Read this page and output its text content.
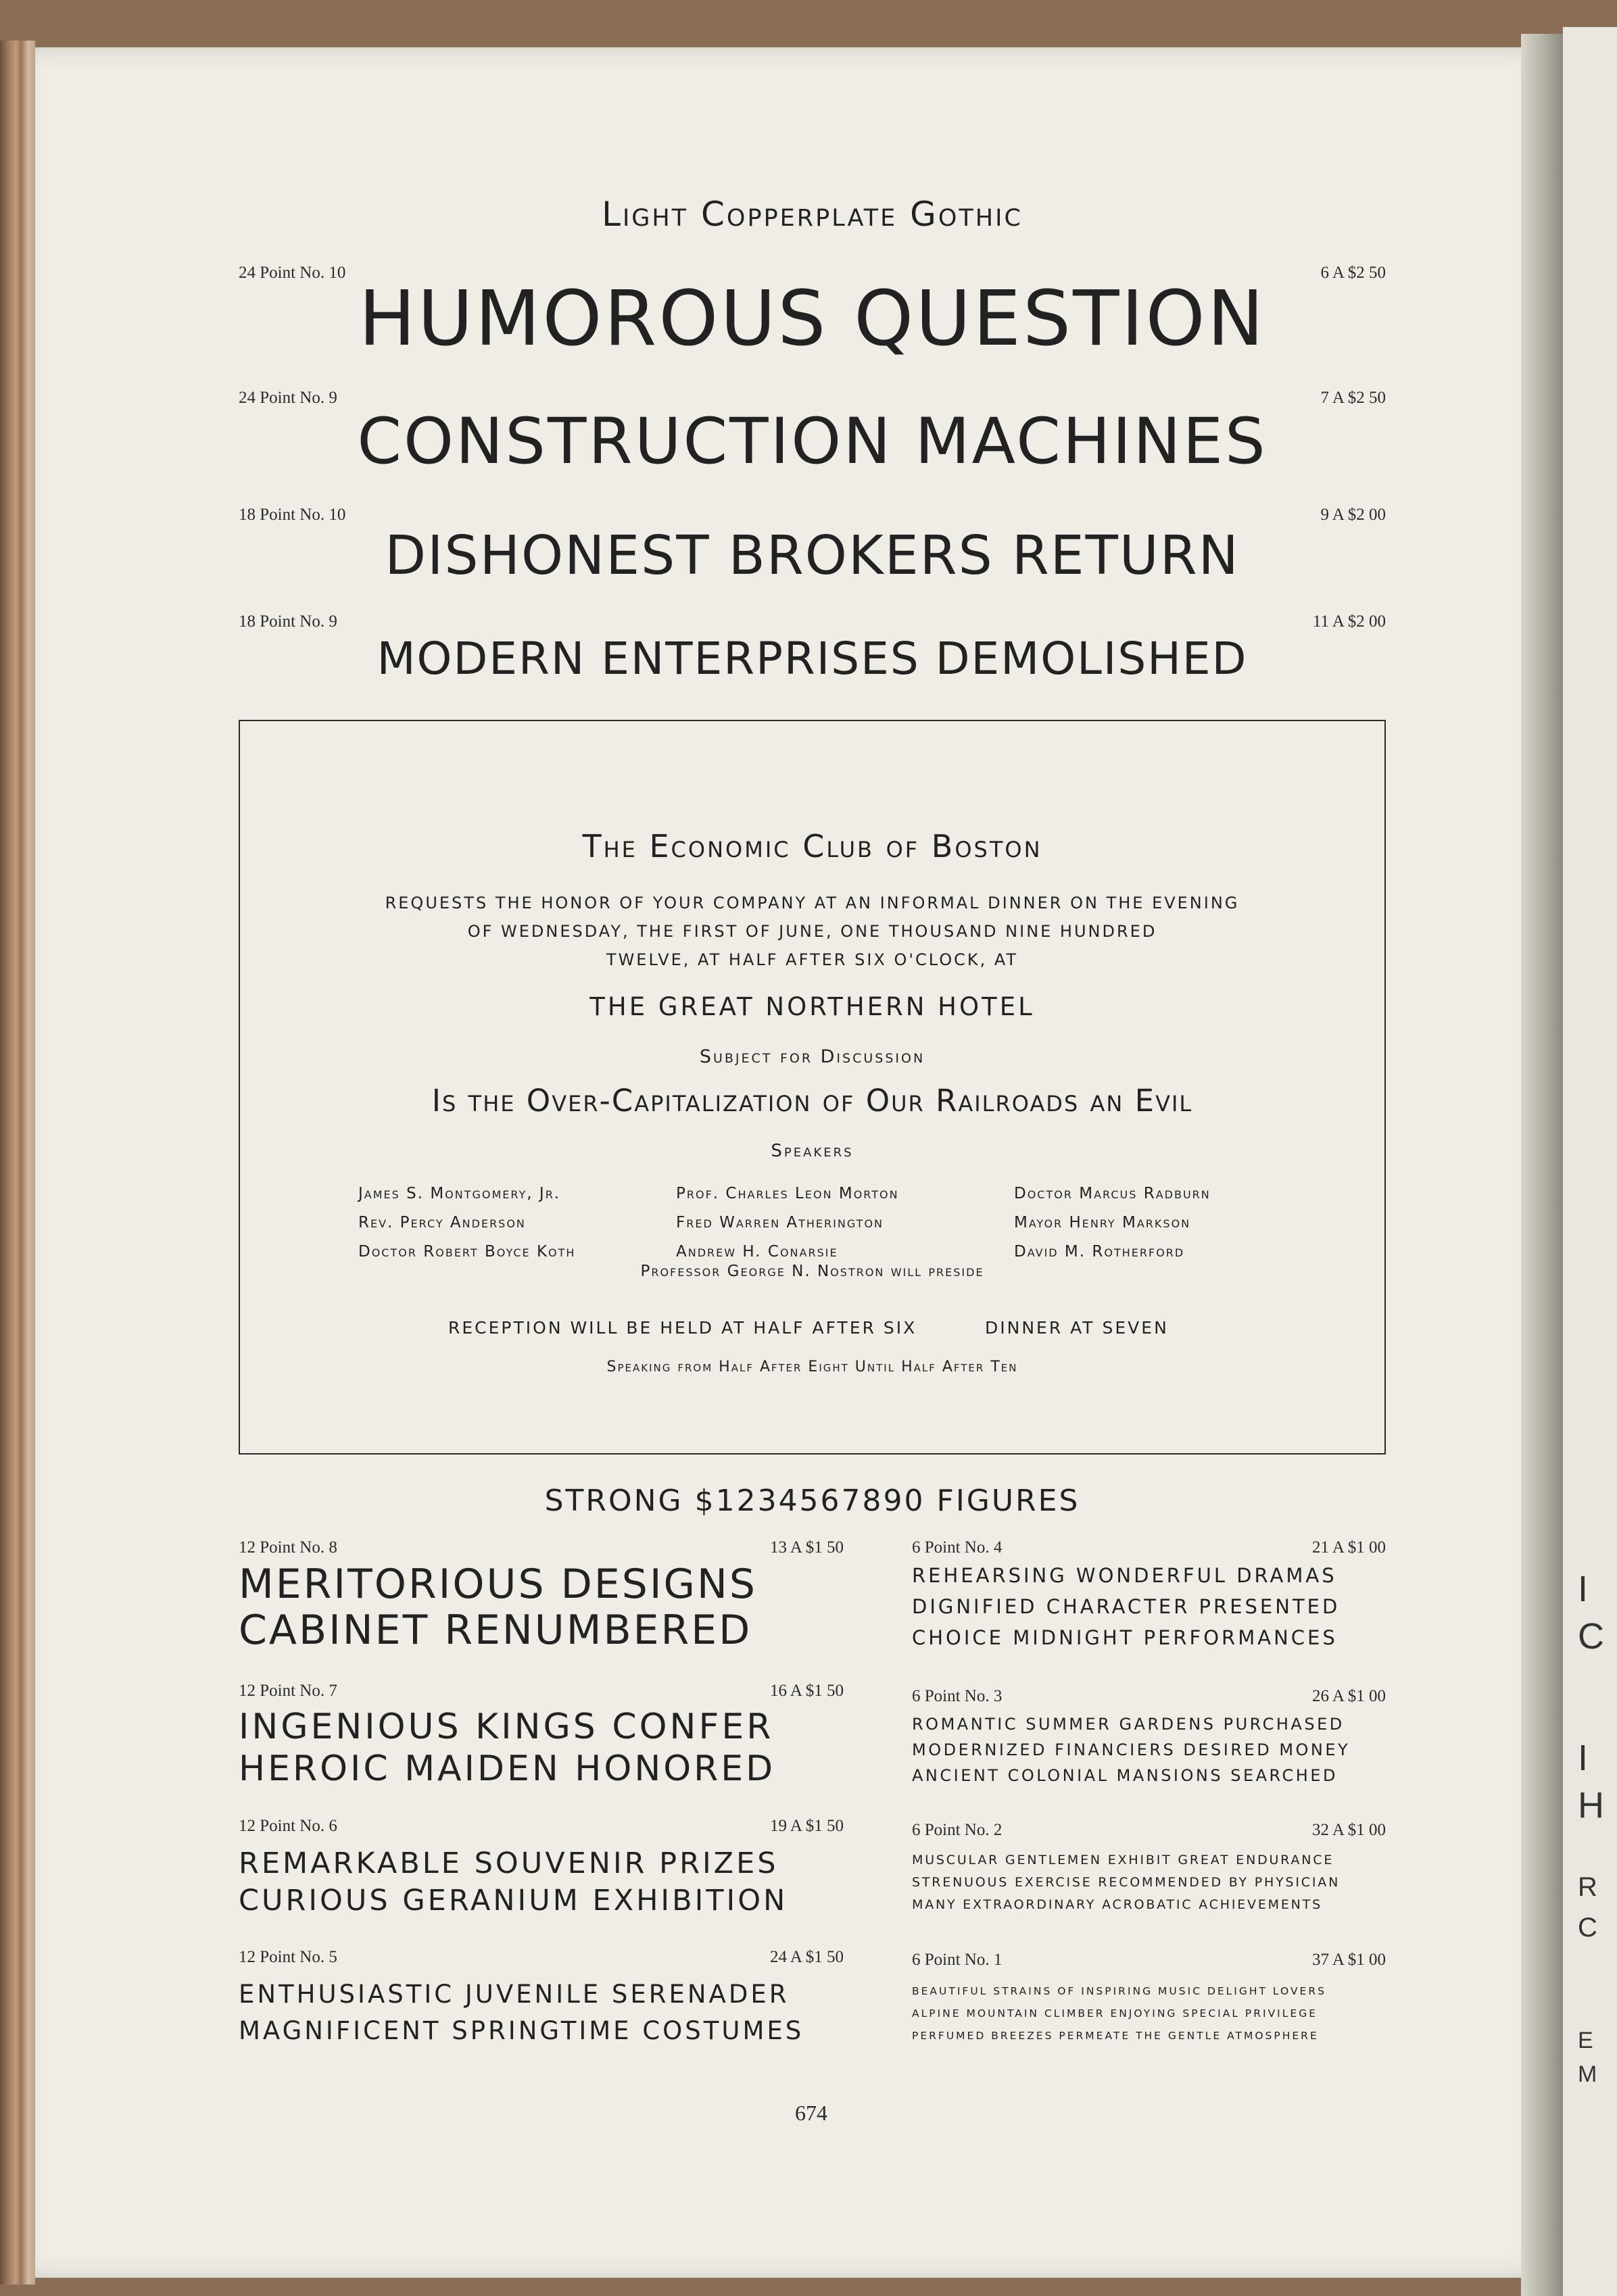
I
C
I
H
R
C
E
M
Light Copperplate Gothic
24 Point No. 10	6 A $2 50
HUMOROUS QUESTION
24 Point No. 9	7 A $2 50
CONSTRUCTION MACHINES
18 Point No. 10	9 A $2 00
DISHONEST BROKERS RETURN
18 Point No. 9	11 A $2 00
MODERN ENTERPRISES DEMOLISHED
The Economic Club of Boston
REQUESTS THE HONOR OF YOUR COMPANY AT AN INFORMAL DINNER ON THE EVENING
OF WEDNESDAY, THE FIRST OF JUNE, ONE THOUSAND NINE HUNDRED
TWELVE, AT HALF AFTER SIX O'CLOCK, AT
THE GREAT NORTHERN HOTEL
Subject for Discussion
Is the Over-Capitalization of Our Railroads an Evil
Speakers
James S. Montgomery, Jr.	Prof. Charles Leon Morton	Doctor Marcus Radburn
Rev. Percy Anderson	Fred Warren Atherington	Mayor Henry Markson
Doctor Robert Boyce Koth	Andrew H. Conarsie	David M. Rotherford
Professor George N. Nostron will preside
RECEPTION WILL BE HELD AT HALF AFTER SIX	DINNER AT SEVEN
Speaking from Half After Eight Until Half After Ten
STRONG $1234567890 FIGURES
12 Point No. 8	13 A $1 50
MERITORIOUS DESIGNS
CABINET RENUMBERED
12 Point No. 7	16 A $1 50
INGENIOUS KINGS CONFER
HEROIC MAIDEN HONORED
12 Point No. 6	19 A $1 50
REMARKABLE SOUVENIR PRIZES
CURIOUS GERANIUM EXHIBITION
12 Point No. 5	24 A $1 50
ENTHUSIASTIC JUVENILE SERENADER
MAGNIFICENT SPRINGTIME COSTUMES
6 Point No. 4	21 A $1 00
REHEARSING WONDERFUL DRAMAS
DIGNIFIED CHARACTER PRESENTED
CHOICE MIDNIGHT PERFORMANCES
6 Point No. 3	26 A $1 00
ROMANTIC SUMMER GARDENS PURCHASED
MODERNIZED FINANCIERS DESIRED MONEY
ANCIENT COLONIAL MANSIONS SEARCHED
6 Point No. 2	32 A $1 00
MUSCULAR GENTLEMEN EXHIBIT GREAT ENDURANCE
STRENUOUS EXERCISE RECOMMENDED BY PHYSICIAN
MANY EXTRAORDINARY ACROBATIC ACHIEVEMENTS
6 Point No. 1	37 A $1 00
BEAUTIFUL STRAINS OF INSPIRING MUSIC DELIGHT LOVERS
ALPINE MOUNTAIN CLIMBER ENJOYING SPECIAL PRIVILEGE
PERFUMED BREEZES PERMEATE THE GENTLE ATMOSPHERE
674
